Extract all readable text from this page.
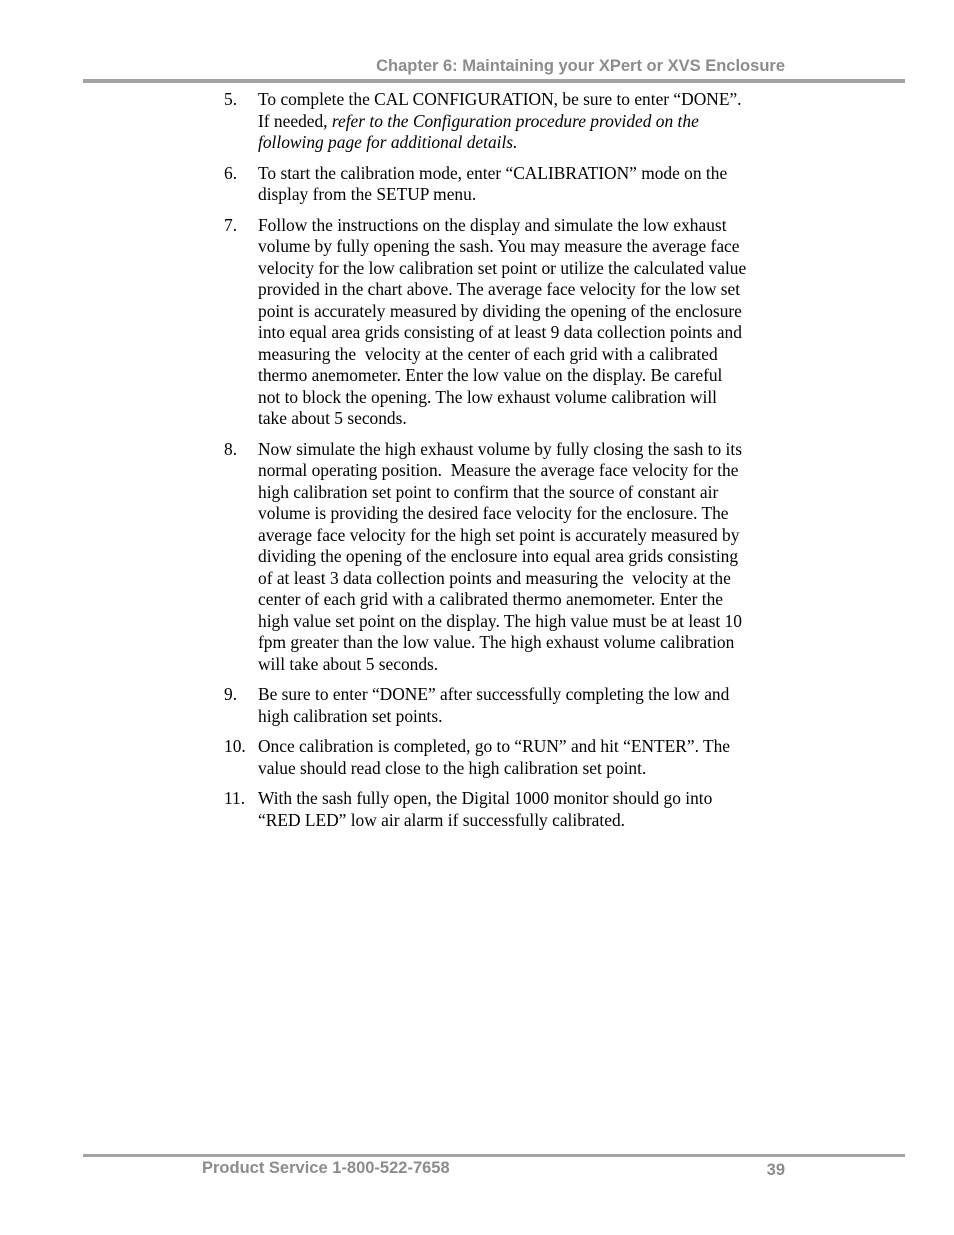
Chapter 6: Maintaining your XPert or XVS Enclosure
5. To complete the CAL CONFIGURATION, be sure to enter “DONE”.
If needed, refer to the Configuration procedure provided on the
following page for additional details.
6. To start the calibration mode, enter “CALIBRATION” mode on the
display from the SETUP menu.
7. Follow the instructions on the display and simulate the low exhaust
volume by fully opening the sash. You may measure the average face
velocity for the low calibration set point or utilize the calculated value
provided in the chart above. The average face velocity for the low set
point is accurately measured by dividing the opening of the enclosure
into equal area grids consisting of at least 9 data collection points and
measuring the  velocity at the center of each grid with a calibrated
thermo anemometer. Enter the low value on the display. Be careful
not to block the opening. The low exhaust volume calibration will
take about 5 seconds.
8. Now simulate the high exhaust volume by fully closing the sash to its
normal operating position.  Measure the average face velocity for the
high calibration set point to confirm that the source of constant air
volume is providing the desired face velocity for the enclosure. The
average face velocity for the high set point is accurately measured by
dividing the opening of the enclosure into equal area grids consisting
of at least 3 data collection points and measuring the  velocity at the
center of each grid with a calibrated thermo anemometer. Enter the
high value set point on the display. The high value must be at least 10
fpm greater than the low value. The high exhaust volume calibration
will take about 5 seconds.
9. Be sure to enter “DONE” after successfully completing the low and
high calibration set points.
10. Once calibration is completed, go to “RUN” and hit “ENTER”. The
value should read close to the high calibration set point.
11. With the sash fully open, the Digital 1000 monitor should go into
“RED LED” low air alarm if successfully calibrated.
Product Service 1-800-522-7658	39
